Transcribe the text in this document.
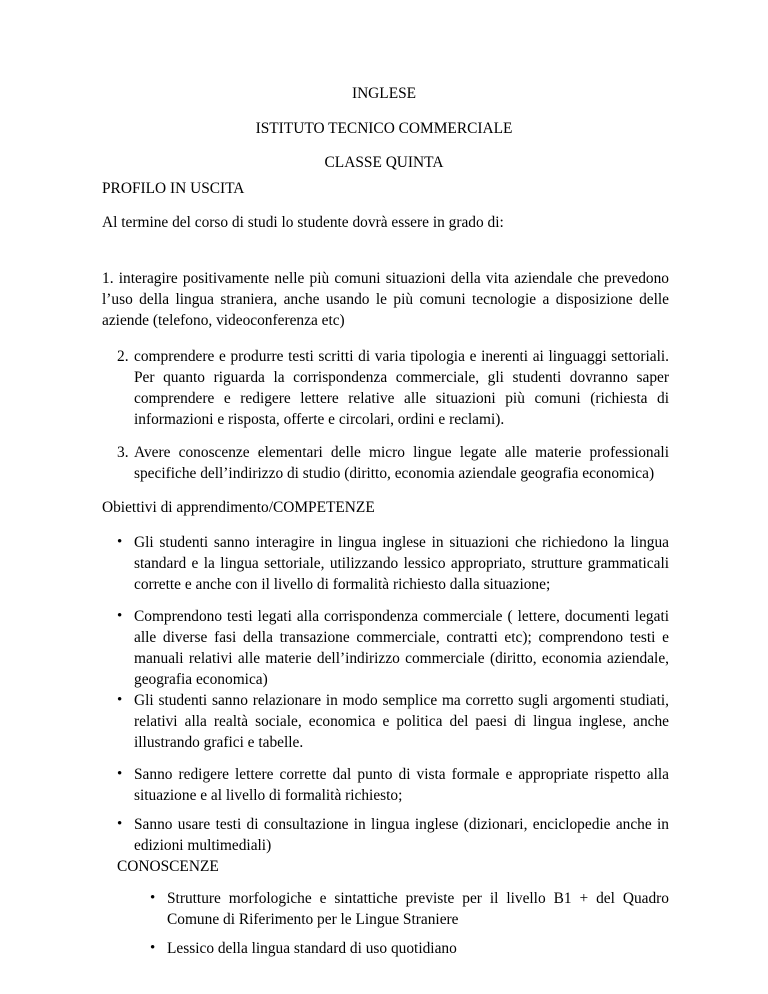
INGLESE
ISTITUTO TECNICO COMMERCIALE
CLASSE QUINTA
PROFILO IN USCITA
Al termine del corso di studi lo studente dovrà essere in grado di:
1. interagire positivamente nelle più comuni situazioni della vita aziendale che prevedono l’uso della lingua straniera, anche usando le più comuni tecnologie a disposizione delle aziende (telefono, videoconferenza etc)
2. comprendere e produrre testi scritti di varia tipologia e inerenti ai linguaggi settoriali. Per quanto riguarda la corrispondenza commerciale, gli studenti dovranno saper comprendere e redigere lettere relative alle situazioni più comuni (richiesta di informazioni e risposta, offerte e circolari, ordini e reclami).
3. Avere conoscenze elementari delle micro lingue legate alle materie professionali specifiche dell’indirizzo di studio (diritto, economia aziendale geografia economica)
Obiettivi di apprendimento/COMPETENZE
• Gli studenti sanno interagire in lingua inglese in situazioni che richiedono la lingua standard e la lingua settoriale, utilizzando lessico appropriato, strutture grammaticali corrette e anche con il livello di formalità richiesto dalla situazione;
• Comprendono testi legati alla corrispondenza commerciale ( lettere, documenti legati alle diverse fasi della transazione commerciale, contratti etc); comprendono testi e manuali relativi alle materie dell’indirizzo commerciale (diritto, economia aziendale, geografia economica)
• Gli studenti sanno relazionare in modo semplice ma corretto sugli argomenti studiati, relativi alla realtà sociale, economica e politica del paesi di lingua inglese, anche illustrando grafici e tabelle.
• Sanno redigere lettere corrette dal punto di vista formale e appropriate rispetto alla situazione e al livello di formalità richiesto;
• Sanno usare testi di consultazione in lingua inglese (dizionari, enciclopedie anche in edizioni multimediali)
CONOSCENZE
• Strutture morfologiche e sintattiche previste per il livello B1 + del Quadro Comune di Riferimento per le Lingue Straniere
• Lessico della lingua standard di uso quotidiano
